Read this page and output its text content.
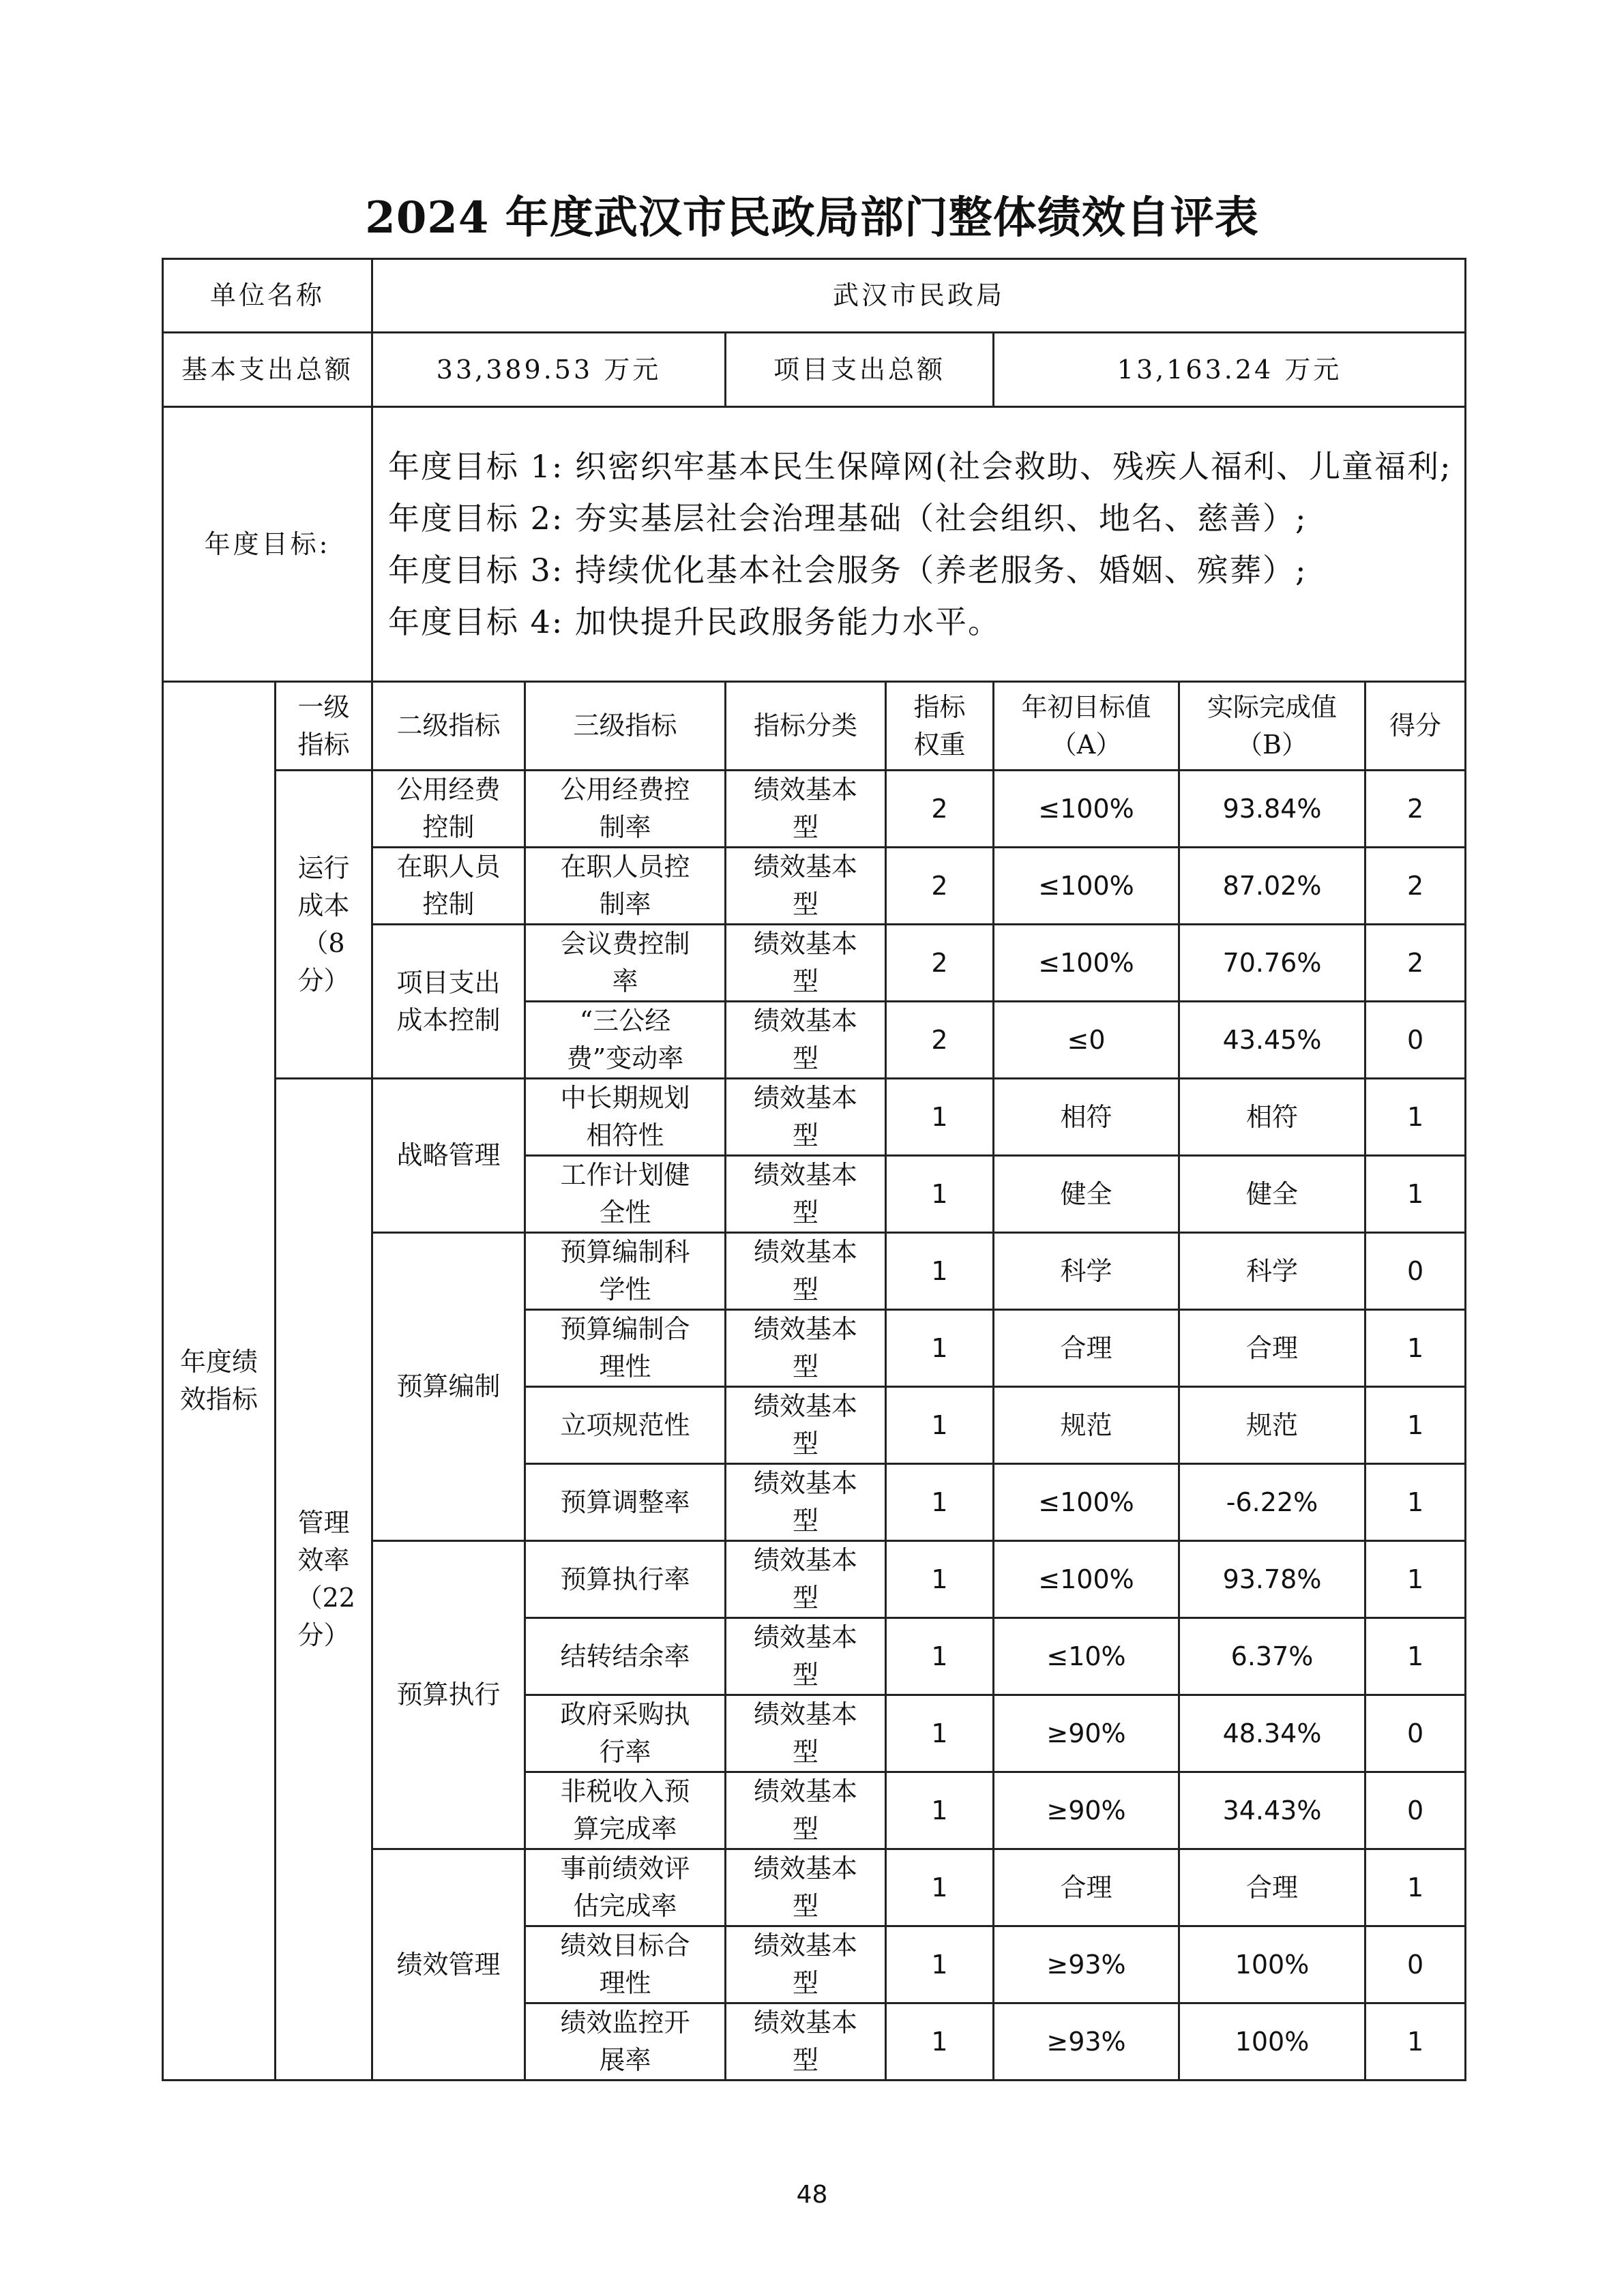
2024 年度武汉市民政局部门整体绩效自评表
单位名称		武汉市民政局						
基本支出总额		33,389.53 万元		项目支出总额		13,163.24 万元		
年度目标:		年度目标 1: 织密织牢基本民生保障网(社会救助、残疾人福利、儿童福利;
年度目标 2: 夯实基层社会治理基础（社会组织、地名、慈善）;
年度目标 3: 持续优化基本社会服务（养老服务、婚姻、殡葬）;
年度目标 4: 加快提升民政服务能力水平。						

年度绩效指标	一级指标	二级指标	三级指标	指标分类	指标权重	年初目标值（A）	实际完成值（B）	得分

	运行成本（8分）	公用经费控制	公用经费控制率	绩效基本型	2	≤100%	93.84%	2

		在职人员控制	在职人员控制率	绩效基本型	2	≤100%	87.02%	2

		项目支出成本控制	会议费控制率	绩效基本型	2	≤100%	70.76%	2

			“三公经费”变动率	绩效基本型	2	≤0	43.45%	0

	管理效率（22分）	战略管理	中长期规划相符性	绩效基本型	1	相符	相符	1

			工作计划健全性	绩效基本型	1	健全	健全	1
		预算编制	预算编制科学性	绩效基本型	1	科学	科学	0

			预算编制合理性	绩效基本型	1	合理	合理	1

			立项规范性	绩效基本型	1	规范	规范	1

			预算调整率	绩效基本型	1	≤100%	-6.22%	1
		预算执行	预算执行率	绩效基本型	1	≤100%	93.78%	1

			结转结余率	绩效基本型	1	≤10%	6.37%	1

			政府采购执行率	绩效基本型	1	≥90%	48.34%	0

			非税收入预算完成率	绩效基本型	1	≥90%	34.43%	0
		绩效管理	事前绩效评估完成率	绩效基本型	1	合理	合理	1

			绩效目标合理性	绩效基本型	1	≥93%	100%	0

			绩效监控开展率	绩效基本型	1	≥93%	100%	1
48
